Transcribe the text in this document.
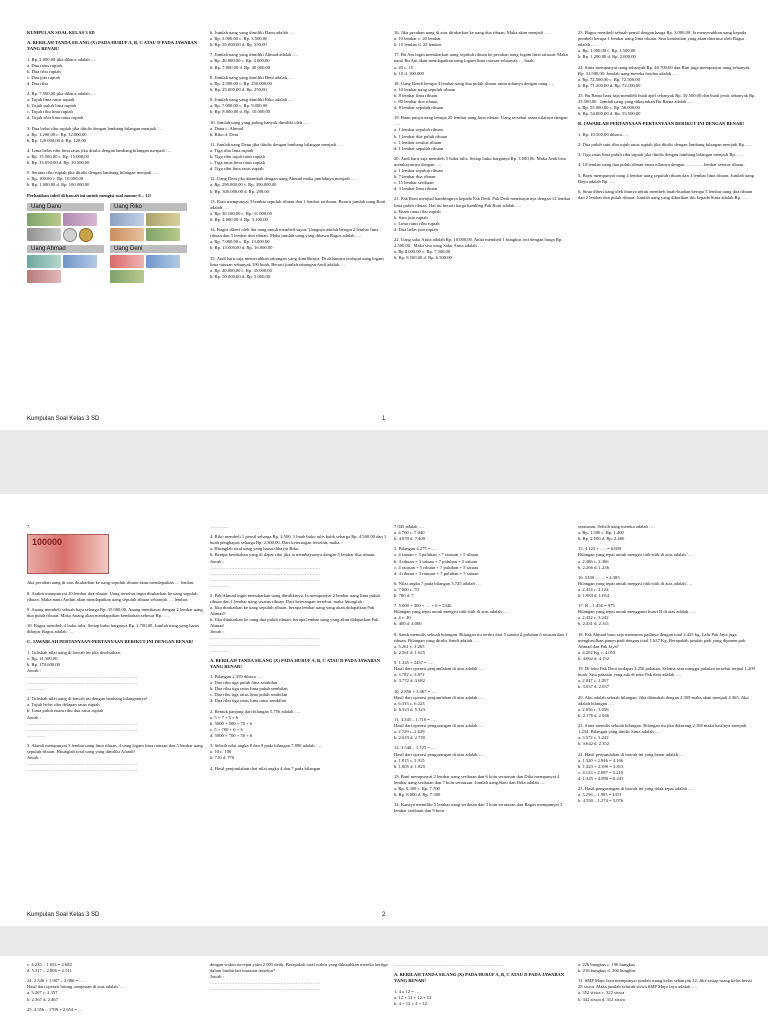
KUMPULAN SOAL KELAS 3 SD

A. BERILAH TANDA SILANG (X) PADA HURUF A, B, C ATAU D PADA JAWABAN YANG BENAR!

1. Rp. 2.000,00 jika dibaca adalah ….
a. Dua ratus rupiah
b. Dua ribu rupiah
c. Dua juta rupiah
d. Dua ribu

2. Rp. 7.500,00 jika dibaca adalah ….
a. Tujuh lima ratus rupiah
b. Tujuh puluh lima rupiah
c. Tujuh ribu lima rupiah
d. Tujuh ribu lima ratus rupiah

3. Dua belas ribu rupiah jika ditulis dengan lambang bilangan menjadi ….
a. Rp. 1.200,00 c. Rp. 12.000,00
b. Rp. 120.000,00 d. Rp. 120,00

4. Lima belas ribu lima ratus jika ditulis dengan lambang bilangan menjadi ….
a. Rp. 15.500,00 c. Rp. 15.000,00
b. Rp. 15.050,00 d. Rp. 10.500,00

5. Seratus ribu rupiah jika ditulis dengan lambang bilangan menjadi ….
a. Rp. 100,00 c. Rp. 10.000,00
b. Rp. 1.000,00 d. Rp. 100.000,00

Perhatikan tabel di bawah ini untuk mengisi soal nomor 6 – 12!

Uang Danu	Uang Riko
Uang Ahmad	Uang Deni

6. Jumlah uang yang dimiliki Danu adalah ….
a. Rp. 3.000,00 c. Rp. 3.500,00
b. Rp. 35.000,00 d. Rp. 350,00

7. Jumlah uang yang dimiliki Ahmad adalah ….
a. Rp. 40.000,00 c. Rp. 4.000,00
b. Rp. 7.000,00 d. Rp. 40.000,00

8. Jumlah uang yang dimiliki Deni adalah ….
a. Rp. 2.500,00 c. Rp. 250.000,00
b. Rp. 25.000,00 d. Rp. 250,00

9. Jumlah uang yang dimiliki Riko adalah ….
a. Rp. 7.000,00 c. Rp. 9.000,00
b. Rp. 8.000,00 d. Rp. 10.000,00

10. Jumlah uang yang paling banyak dimiliki oleh ….
a. Danu c. Ahmad
b. Riko d. Deni

11. Jumlah uang Danu jika ditulis dengan lambang bilangan menjadi ….
a. Tiga ribu lima rupiah
b. Tiga ribu tujuh ratus rupiah
c. Tiga ratus lima ratus rupiah
d. Tiga ribu lima ratus rupiah

12. Uang Deni jika ditambah dengan uang Ahmad maka jumlahnya menjadi ….
a. Rp. 290.000,00 c. Rp. 390.000,00
b. Rp. 300.000,00 d. Rp. 290,00

13. Roni mempunyai 3 lembar sepuluh ribuan dan 1 lembar seribuan. Berarti jumlah uang Roni adalah ….
a. Rp. 30.100,00 c. Rp. 31.000,00
b. Rp. 4.000,00 d. Rp. 3.100,00

14. Bagus diberi oleh ibu uang untuk membeli sayur. Uangnya adalah berupa 2 lembar lima ribuan dan 3 lembar dua ribuan. Maka jumlah uang yang dibawa Bagus adalah ….
a. Rp. 7.000,00 c. Rp. 13.000,00
b. Rp. 13.000,00 d. Rp. 16.000,00

15. Andi baru saja memecahkan tabungan yang dimilikinya. Di dalamnya terdapat uang logam lima ratusan sebanyak 100 buah. Berarti jumlah tabungan Andi adalah ….
a. Rp. 40.000,00 c. Rp. 45.000,00
b. Rp. 50.000,00 d. Rp. 5.000,00

16. Jika pecahan uang di atas ditukarkan ke uang dua ribuan. Maka akan menjadi ….
a. 10 lembar c. 20 lembar
b. 15 lembar d. 25 lembar

17. Bu Ani ingin menukarkan uang sepuluh ribuan ke pecahan uang logam lima ratusan. Maka nanti Bu Ani akan mendapatkan uang logam lima ratusan sebanyak … buah.
a. 20 c. 15
b. 10 d. 100.000

18. Uang Rendi berupa 4 lembar uang dua puluh ribuan sama nilainya dengan uang ….
a. 10 lembar uang sepuluh ribuan
b. 8 lembar lima ribuan
c. 80 lembar dua ribuan
d. 8 lembar sepuluh ribuan

19. Banu punya uang berupa 20 lembar uang lima ribuan. Uang tersebut sama nilainya dengan ….
a. 1 lembar sepuluh ribuan
b. 1 lembar dua puluh ribuan
c. 1 lembar seratus ribuan
d. 1 lembar sepuluh ribuan

20. Andi baru saja membeli 5 buku tulis. Setiap buku harganya Rp. 3.000,00. Maka Andi bisa membayarnya dengan ….
a. 1 lembar sepuluh ribuan
b. 7 lembar dua ribuan
c. 15 lembar seribuan
d. 3 lembar lima ribuan

21. Pak Roni menjual kambingnya kepada Pak Dedi. Pak Dedi membayarnya dengan 12 lembar lima puluh ribuan. Hal itu berarti harga kambing Pak Roni adalah ….
a. Enam ratus ribu rupiah
b. Satu juta rupiah
c. Lima ratus ribu rupiah
d. Dua belas juta rupiah

22. Uang saku Anita adalah Rp. 10.000,00. Anita membeli 1 bungkus roti dengan harga Rp. 2.500,00 . Maka sisa uang Saku Anita adalah ….
a. Rp 8.000,00 c. Rp. 7.500,00
b. Rp. 8.500,00 d. Rp. 6.500,00

23. Bagus membeli sebuah pensil dengan harga Rp. 3.000,00. Ia menyerahkan uang kepada pembeli berupa 1 lembar uang lima ribuan. Sisa kembalian yang akan diterima oleh Bagus adalah ….
a. Rp. 1.000,00 c. Rp. 1.500,00
b. Rp. 1.200,00 d. Rp. 2.000,00

24. Sinta mempunyai uang sebanyak Rp. 40.700,00 dan Rini juga mempunyai uang sebanyak Rp. 31.500,00. Jumlah uang mereka berdua adalah ….
a. Rp. 72.500,00 c. Rp. 72.500,00
b. Rp. 71.200,00 d. Rp. 72.100,00

25. Bu Ratna baru saja membeli buah apel sebanyak Rp. 30.500,00 dan buah jeruk sebanyak Rp. 25.500,00 . Jumlah uang yang dibayarkan Bu Ratna adalah ….
a. Rp. 55.000,00 c. Rp. 56.000,00
b. Rp. 54.000,00 d. Rp. 55.500,00

B. JAWABLAH PERTANYAAN-PERTANYAAN BERIKUT INI DENGAN BENAR!

1. Rp. 10.500,00 dibaca ….

2. Dua puluh satu ribu tujuh ratus rupiah jika ditulis dengan lambang bilangan menjadi Rp. ….

3. Tiga ratus lima puluh ribu rupiah jika ditulis dengan lambang bilangan menjadi Rp. ….

4. 10 lembar uang dua puluh ribuan sama nilainya dengan …………lembar seratus ribuan.

5. Bayu mempunyai uang 4 lembar uang sepuluh ribuan dan 3 lembar lima ribuan. Jumlah uang Bayu adalah Rp. ….

6. Sinta diberi uang oleh ibunya untuk membeli buah-buahan berupa 5 lembar uang dua ribuan dan 2 lembar dua puluh ribuan. Jumlah uang yang diberikan ibu kepada Sinta adalah Rp. ….

Kumpulan Soal Kelas 3 SD	1

7.

100000

Jika pecahan uang di atas ditukarkan ke uang sepuluh ribuan akan mendapatkan … lembar.

8. Andini mempunyai 20 lembar dua ribuan. Uang tersebut ingin ditukarkan ke uang sepuluh ribuan. Maka nanti Andini akan mendapatkan uang sepuluh ribuan sebanyak … lembar.

9. Anang membeli sebuah baju seharga Rp. 35.000,00. Anang membayar dengan 2 lembar uang dua puluh ribuan. Maka Anang akan mendapatkan kembalian sebesar Rp. ….

10. Bagus membeli 4 buku tulis. Setiap buku harganya Rp. 2.700,00. Jumlah uang yang harus dibayar Bagus adalah ….

C. JAWABLAH PERTANYAAN-PERTANYAAN BERIKUT INI DENGAN BENAR!

1. Tuliskah nilai uang di bawah ini jika disebutkan.
a. Rp. 14.500,00
b. Rp. 170.600,00
Jawab :
………………………………………………………………
………………………………………………………………
…………

2. Tuliskah nilai uang di bawah ini dengan lambang bilangannya!
a. Tujuh belas ribu delapan ratus rupiah
b. Lima puluh enam ribu dua ratus rupiah
Jawab :
………………………………………………………………
………………………………………………………………
…………

3. Afandi mempunyai 3 lembar uang lima ribuan, 4 uang logam lima ratusan dan 5 lembar uang sepuluh ribuan. Hitunglah total uang yang dimiliki Afandi!
Jawab :
………………………………………………………………
………………………………………………………………

…………

4. Riko membeli 1 pensil seharga Rp. 2.500, 1 buah buku tulis batik seharga Rp. 4.500,00 dan 1 buah penghapus seharga Rp. 2.300,00. Dari keterangan tersebut, maka :
a. Hitunglah total uang yang harus dibayar Riko.
b. Berapa kembalian yang di dapat riko jika ia membayarnya dengan 5 lembar dua ribuan.
Jawab :
………………………………………………………………
………………………………………………………………
………………………………………………………………
…………

5. Pak Ahmad ingin menukarkan uang dimilikinya. Ia mempunyai 2 lembar uang lima puluh ribuan dan 1 lembar uang seratus ribuan. Dari keterangan tersebut, maka hitunglah :
a. Jika ditukarkan ke uang sepuluh ribuan, berapa lembar uang yang akan didapatkan Pak Ahmad?
b. Jika ditukarkan ke uang dua puluh ribuan, berapa lembar uang yang akan didapatkan Pak Ahmad
Jawab :
………………………………………………………………
………………………………………………………………
…………

A. BERILAH TANDA SILANG (X) PADA HURUF A, B, C ATAU D PADA JAWABAN YANG BENAR!

1. Bilangan 2.359 dibaca ….
a. Dua ribu tiga puluh lima sembilan
b. Dua ribu tiga ratus lima puluh sembilan
c. Dua ribu tiga ratus lima puluh sembilan
d. Dua ribu tiga ratus lima ratus sembilan

2. Bentuk panjang dari bilangan 5.756 adalah ….
a. 5 + 7 + 5 + 6
b. 5000 + 500 + 70 + 6
c. 5 + 700 + 6 + 6
d. 5000 + 700 + 50 + 6

3. Selisih nilai angka 8 dan 9 pada bilangan 7.890 adalah ….
a. 10 c. 100
b. 710 d. 770

4. Hasil penjumlahan dari nilai angka 4 dan 7 pada bilangan

7.045 adalah ….
a. 4.700 c. 7.040
b. 4.070 d. 7.400

5. Bilangan 4.275 = ….
a. 4 satuan + 3 puluhan + 7 ratusan + 5 ribuan
b. 4 ribuan + 3 satuan + 7 puluhan + 5 satuan
c. 4 ratusan + 5 ribuan + 7 puluhan + 5 satuan
d. 4 ribuan + 3 ratusan + 7 puluhan + 5 satuan

6. Nilai angka 7 pada bilangan 3.725 adalah ….
a. 7.000 c. 70
b. 700 d. 7

7. 5.000 + 300 + … + 6 = 5346
Bilangan yang tepat untuk mengisi titik-titik di atas adalah ….
a. 4 c. 40
b. 400 d. 4.000

8. Sandi memulis sebuah bilangan. Bilangan itu terdiri dari 5 satuan 2 puluhan 6 ratusan dan 1 ribuan. Bilangan yang ditulis Sandi adalah ….
a. 5.261 c. 1.265
b. 2.561 d. 1.625

9. 1.345 + 2437 = ….
Hasil dari operasi penjumlahan di atas adalah ….
a. 3.782 c. 3.872
b. 3.772 d. 3.682

10. 2.856 + 3.467 = ….
Hasil dari operasi penjumlahan di atas adalah ….
a. 6.313 c. 6.223
b. 6.323 d. 5.323

11. 4.345 – 1.716 = ….
Hasil dari operasi pengurangan di atas adalah ….
a. 2.729 c. 2.629
b. 2.619 d. 2.739

12. 3.540 – 1.725 = ….
Hasil dari operasi pengurangan di atas adalah ….
a. 1.815 c. 1.915
b. 1.805 d. 1.825

13. Rani mempunyai 2 lembar uang seribuan dan 6 koin seratusan dan Dika mempunyai 4 lembar uang seribuan dan 7 koin seratusan. Jumlah uang Rani dan Dika adalah ….
a. Rp. 6.300 c. Rp. 7.700
b. Rp. 8.000 d. Rp. 7.300

14. Kanaya memiliki 5 lembar uang seribuan dan 3 koin seratusan dan Bagus mempunyai 3 lembar seribuan dan 9 koin

seratusan. Selisih uang mereka adalah ….
a. Rp. 1.500 c. Rp. 1.400
b. Rp. 2.500 d. Rp. 2.400

15. 4.123 + …. = 6.609
Bilangan yang tepat untuk mengisi titik-titik di atas adalah ….
a. 2.486 c. 2.366
b. 2.266 d. 1.236

16. 5439 – …. = 4.385
Bilangan yang tepat untuk mengisi titik-titik di atas adalah ….
a. 2.454 c. 2.124
b. 1.984 d. 1.054

17. B – 1.456 = 975
Bilangan yang tepat untuk mengganti huruf B di atas adalah ….
a. 2.432 c. 3.242
b. 2.431 d. 2.341

18. Pak Ahmad baru saja memanen padinya dengan total 2.425 kg. Lalu Pak Jaya juga menghasilkan panen padi dengan total 1.637 Kg. Berapakah jumlah padi yang dipanen pak Ahmad dan Pak Jaya?
a. 4.202 Kg c. 4.052
b. 4.062 d. 4.152

19. Di toko Pak Deni terdapat 3.256 pakaian. Selama satu minggu pakaian tersebut terjual 1.209 buah. Sisa pakaian yang ada di toko Pak deni adalah ….
a. 2.047 c. 2.057
b. 3.037 d. 2.037

20. Aku adalah sebuah bilangan. Jika ditambah dengan 2.309 maka akan menjadi 4.365. Aku adalah bilangan ….
a. 2.056 c. 3.056
b. 2.176 d. 2.046

21. Sinta menulis sebuah bilangan. Bilangan itu jika dikurang 2.108 maka hasilnya menjadi 1.234. Bilangan yang ditulis Sinta adalah ….
a. 3.572 c. 3.242
b. 3.642 d. 2.352

22. Hasil penjumlahan di bawah ini yang benar adalah ….
a. 1.320 + 2.946 = 4.166
b. 1.423 + 2.390 = 3.813
c. 4.123 + 2.087 = 5.210
d. 1.345 + 4.890 = 6.245

23. Hasil pengurangan di bawah ini yang tidak tepat adalah ….
a. 3.256 – 1.905 = 1351
b. 4.350 – 1.274 = 3.076

Kumpulan Soal Kelas 3 SD	2

c. 4.235 – 1.653 = 2.682
d. 5.317 – 2.806 = 2.511

24. 2.546 + 1.907 – 2.086 = ….
Hasil dari operasi hitung campuran di atas adalah ….
a. 3.267 c. 2.357
b. 2.367 d. 2.467

25. 4.356 – 1709 + 2.654 = …

dengan waktu tercepat yaitu 2.905 detik. Berapakah total waktu yang dibutuhkan mereka hertiga dalam lomba lari maraton tersebut?
Jawab :
………………………………………………………………
………………………………………………………………

………………………………………………………………

A. BERILAH TANDA SILANG (X) PADA HURUF A, B, C ATAU D PADA JAWABAN YANG BENAR!

1. 4 x 12 = ….
a. 12 + 12 + 12 + 12
b. 4 + 12 + 4 + 12

a. 226 bungkus c. 196 bungkus
b. 216 bungkus d. 206 bungkus

11. SMP Maju Jaya mempunyai jumlah ruang kelas sebanyak 12. Jika setiap ruang kelas berisi 28 siswa. Maka jumlah seluruh siswa SMP Maju Jaya adalah ….
a. 352 siswa c. 322 siswa
b. 342 siswa d. 312 siswa
